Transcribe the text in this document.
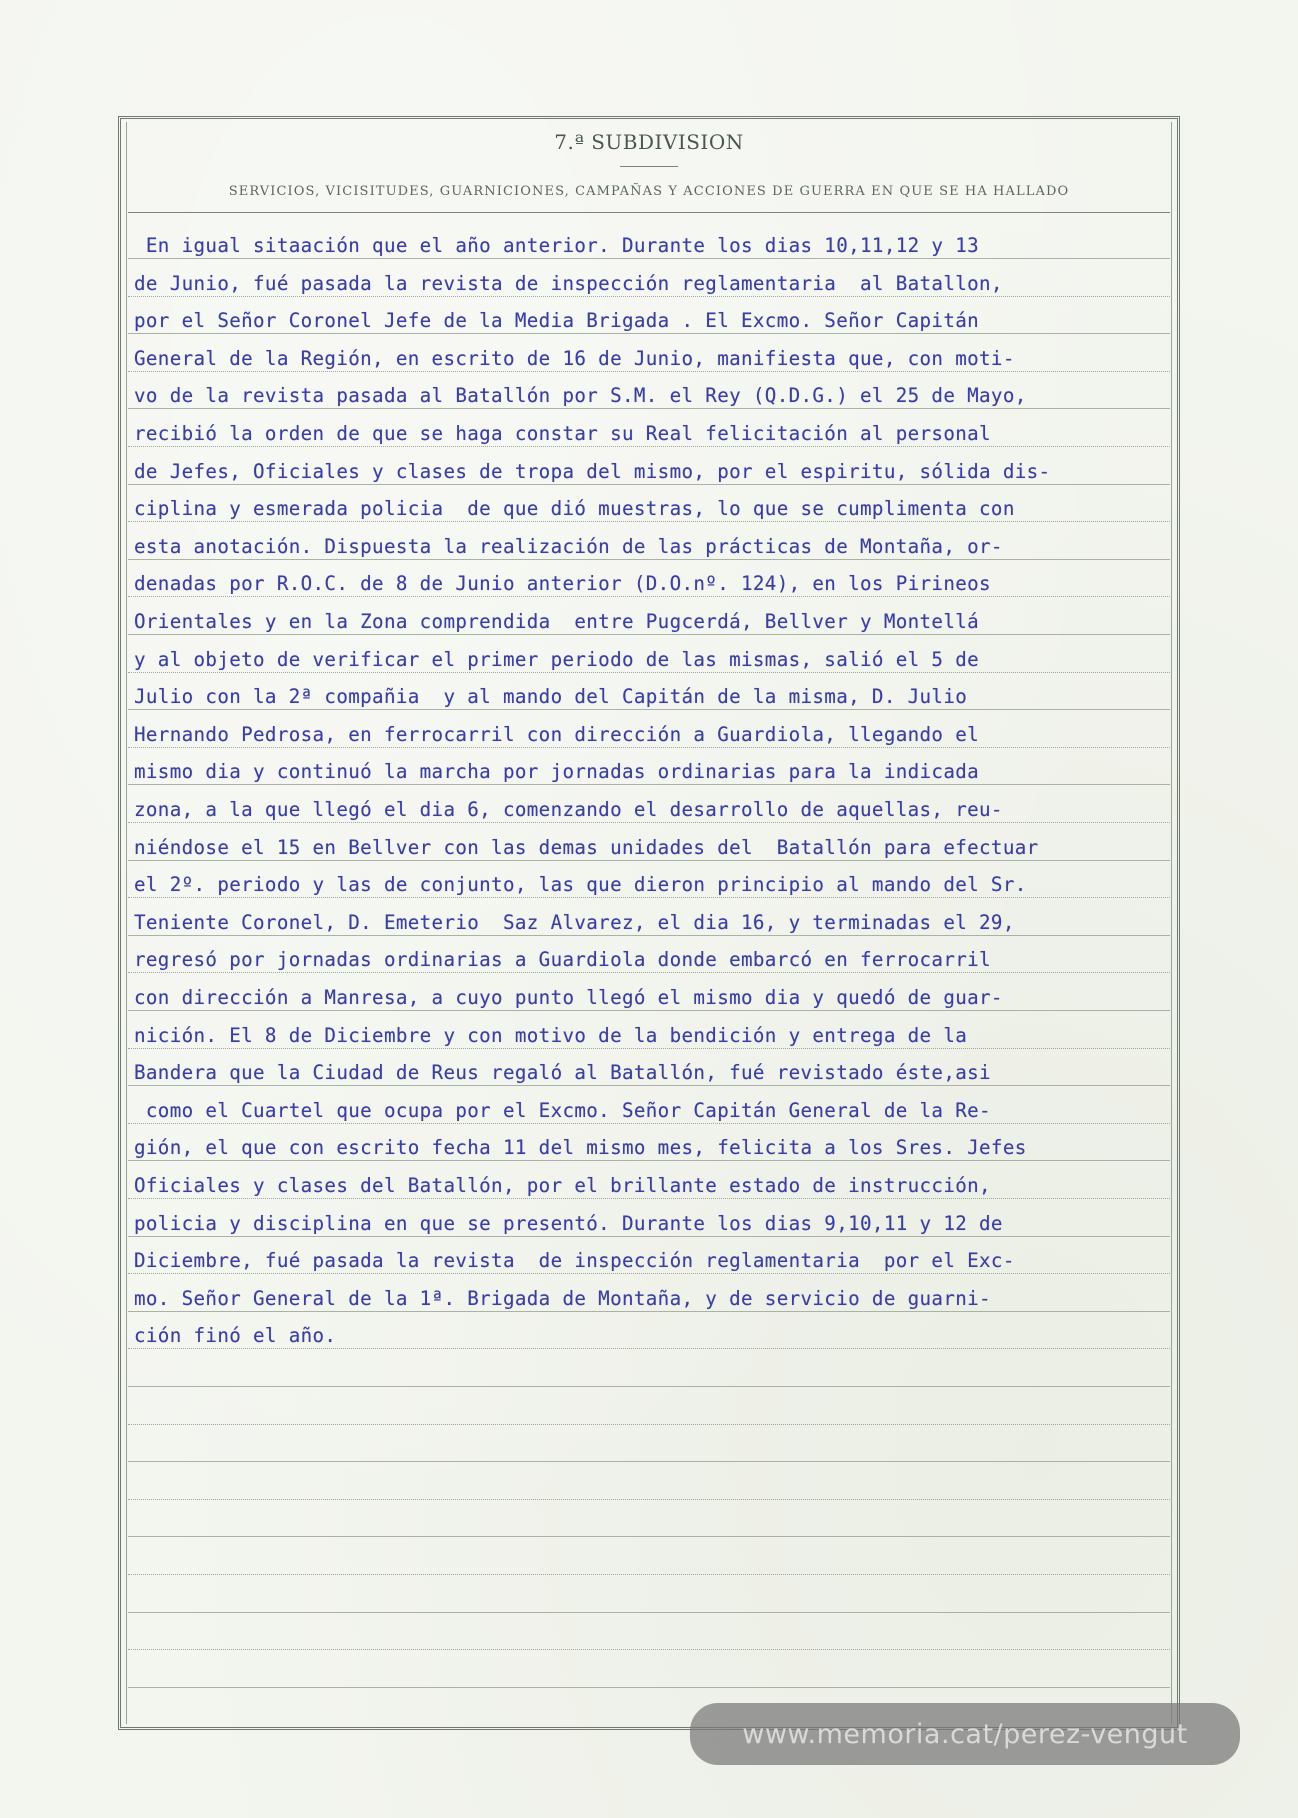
7.ª SUBDIVISION
SERVICIOS, VICISITUDES, GUARNICIONES, CAMPAÑAS Y ACCIONES DE GUERRA EN QUE SE HA HALLADO
En igual sitaación que el año anterior. Durante los dias 10,11,12 y 13
de Junio, fué pasada la revista de inspección reglamentaria  al Batallon,
por el Señor Coronel Jefe de la Media Brigada . El Excmo. Señor Capitán
General de la Región, en escrito de 16 de Junio, manifiesta que, con moti-
vo de la revista pasada al Batallón por S.M. el Rey (Q.D.G.) el 25 de Mayo,
recibió la orden de que se haga constar su Real felicitación al personal
de Jefes, Oficiales y clases de tropa del mismo, por el espiritu, sólida dis-
ciplina y esmerada policia  de que dió muestras, lo que se cumplimenta con
esta anotación. Dispuesta la realización de las prácticas de Montaña, or-
denadas por R.O.C. de 8 de Junio anterior (D.O.nº. 124), en los Pirineos
Orientales y en la Zona comprendida  entre Pugcerdá, Bellver y Montellá
y al objeto de verificar el primer periodo de las mismas, salió el 5 de
Julio con la 2ª compañia  y al mando del Capitán de la misma, D. Julio
Hernando Pedrosa, en ferrocarril con dirección a Guardiola, llegando el
mismo dia y continuó la marcha por jornadas ordinarias para la indicada
zona, a la que llegó el dia 6, comenzando el desarrollo de aquellas, reu-
niéndose el 15 en Bellver con las demas unidades del  Batallón para efectuar
el 2º. periodo y las de conjunto, las que dieron principio al mando del Sr.
Teniente Coronel, D. Emeterio  Saz Alvarez, el dia 16, y terminadas el 29,
regresó por jornadas ordinarias a Guardiola donde embarcó en ferrocarril
con dirección a Manresa, a cuyo punto llegó el mismo dia y quedó de guar-
nición. El 8 de Diciembre y con motivo de la bendición y entrega de la
Bandera que la Ciudad de Reus regaló al Batallón, fué revistado éste,asi
como el Cuartel que ocupa por el Excmo. Señor Capitán General de la Re-
gión, el que con escrito fecha 11 del mismo mes, felicita a los Sres. Jefes
Oficiales y clases del Batallón, por el brillante estado de instrucción,
policia y disciplina en que se presentó. Durante los dias 9,10,11 y 12 de
Diciembre, fué pasada la revista  de inspección reglamentaria  por el Exc-
mo. Señor General de la 1ª. Brigada de Montaña, y de servicio de guarni-
ción finó el año.
www.memoria.cat/perez-vengut
